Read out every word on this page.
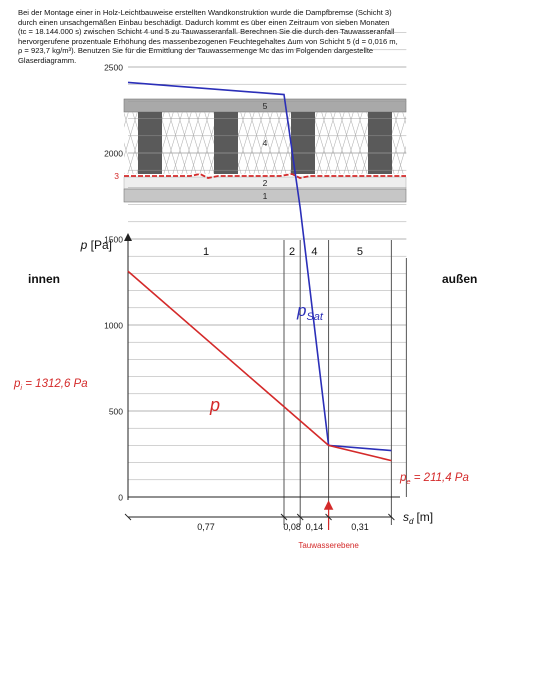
Bei der Montage einer in Holz-Leichtbauweise erstellten Wandkonstruktion wurde die Dampfbremse (Schicht 3)
durch einen unsachgemäßen Einbau beschädigt. Dadurch kommt es über einen Zeitraum von sieben Monaten
(tc = 18.144.000 s) zwischen Schicht 4 und 5 zu Tauwasseranfall. Berechnen Sie die durch den Tauwasseranfall
hervorgerufene prozentuale Erhöhung des massenbezogenen Feuchtegehaltes Δum von Schicht 5 (d = 0,016 m,
ρ = 923,7 kg/m³). Benutzen Sie für die Ermittlung der Tauwassermenge Mc das im Folgenden dargestellte
Glaserdiagramm.
5
4
3
2
1
p [Pa]
0
500
1000
1500
2000
2500
1	2 4	5
innen	außen
$p_{Sat}$
p
$p_i = 1312,6$ Pa
$p_e = 211,4$ Pa
Tauwasserebene
0,77	0,08 0,14	0,31
$s_d$ [m]
